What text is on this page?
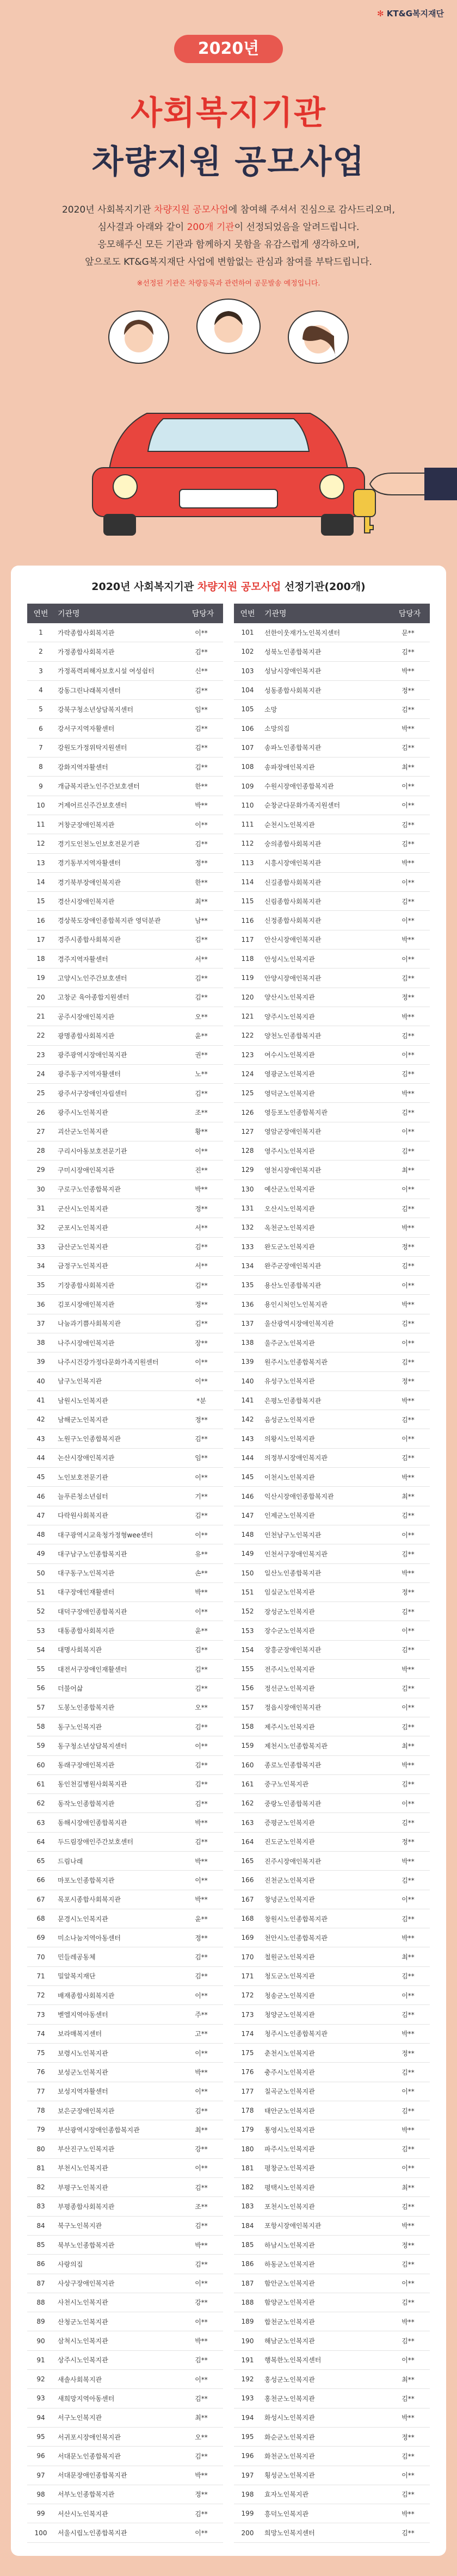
✻ KT&G복지재단
2020년
사회복지기관
차량지원 공모사업
2020년 사회복지기관 차량지원 공모사업에 참여해 주셔서 진심으로 감사드리오며,
심사결과 아래와 같이 200개 기관이 선정되었음을 알려드립니다.
응모해주신 모든 기관과 함께하지 못함을 유감스럽게 생각하오며,
앞으로도 KT&G복지재단 사업에 변함없는 관심과 참여를 부탁드립니다.
※선정된 기관은 차량등록과 관련하여 공문발송 예정입니다.
2020년 사회복지기관 차량지원 공모사업 선정기관(200개)
연번	기관명	담당자
1	가락종합사회복지관	이**
2	가정종합사회복지관	김**
3	가정폭력피해자보호시설 여성쉼터	신**
4	강동그린나래복지센터	김**
5	강북구청소년상담복지센터	임**
6	강서구지역자활센터	김**
7	강원도가정위탁지원센터	김**
8	강화지역자활센터	김**
9	개금복지관노인주간보호센터	한**
10	거제어르신주간보호센터	박**
11	거창군장애인복지관	이**
12	경기도인천노인보호전문기관	김**
13	경기동부지역자활센터	정**
14	경기북부장애인복지관	한**
15	경산시장애인복지관	최**
16	경상북도장애인종합복지관 영덕분관	남**
17	경주시종합사회복지관	김**
18	경주지역자활센터	서**
19	고양시노인주간보호센터	김**
20	고창군 육아종합지원센터	김**
21	공주시장애인복지관	오**
22	광명종합사회복지관	윤**
23	광주광역시장애인복지관	권**
24	광주동구지역자활센터	노**
25	광주서구장애인자립센터	김**
26	광주시노인복지관	조**
27	괴산군노인복지관	황**
28	구리시아동보호전문기관	이**
29	구미시장애인복지관	진**
30	구로구노인종합복지관	박**
31	군산시노인복지관	정**
32	군포시노인복지관	서**
33	금산군노인복지관	김**
34	금정구노인복지관	서**
35	기장종합사회복지관	김**
36	김포시장애인복지관	정**
37	나눔과기쁨사회복지관	김**
38	나주시장애인복지관	장**
39	나주시건강가정다문화가족지원센터	이**
40	남구노인복지관	이**
41	남원시노인복지관	*분
42	남해군노인복지관	정**
43	노원구노인종합복지관	김**
44	논산시장애인복지관	임**
45	노인보호전문기관	이**
46	늘푸른청소년쉼터	기**
47	다락원사회복지관	김**
48	대구광역시교육청가정형wee센터	이**
49	대구남구노인종합복지관	유**
50	대구동구노인복지관	손**
51	대구장애인재활센터	박**
52	대덕구장애인종합복지관	이**
53	대동종합사회복지관	윤**
54	대명사회복지관	김**
55	대전서구장애인재활센터	김**
56	더불어삶	김**
57	도봉노인종합복지관	오**
58	동구노인복지관	김**
59	동구청소년상담복지센터	이**
60	동래구장애인복지관	김**
61	동인천길병원사회복지관	김**
62	동작노인종합복지관	김**
63	동해시장애인종합복지관	박**
64	두드림장애인주간보호센터	김**
65	드림나래	박**
66	마포노인종합복지관	이**
67	목포시종합사회복지관	박**
68	문경시노인복지관	윤**
69	미소나눔지역아동센터	정**
70	민들레공동체	김**
71	밀알복지재단	김**
72	배재종합사회복지관	이**
73	벧엘지역아동센터	주**
74	보라매복지센터	고**
75	보령시노인복지관	이**
76	보성군노인복지관	박**
77	보성지역자활센터	이**
78	보은군장애인복지관	김**
79	부산광역시장애인종합복지관	최**
80	부산진구노인복지관	강**
81	부천시노인복지관	이**
82	부평구노인복지관	김**
83	부평종합사회복지관	조**
84	북구노인복지관	김**
85	북부노인종합복지관	박**
86	사랑의집	김**
87	사상구장애인복지관	이**
88	사천시노인복지관	강**
89	산청군노인복지관	이**
90	삼척시노인복지관	박**
91	상주시노인복지관	김**
92	새솔사회복지관	이**
93	새희망지역아동센터	김**
94	서구노인복지관	최**
95	서귀포시장애인복지관	오**
96	서대문노인종합복지관	김**
97	서대문장애인종합복지관	박**
98	서부노인종합복지관	정**
99	서산시노인복지관	김**
100	서울시립노인종합복지관	이**
연번	기관명	담당자
101	선한이웃재가노인복지센터	문**
102	성북노인종합복지관	김**
103	성남시장애인복지관	박**
104	성동종합사회복지관	정**
105	소망	김**
106	소망의집	박**
107	송파노인종합복지관	김**
108	송파장애인복지관	최**
109	수원시장애인종합복지관	이**
110	순창군다문화가족지원센터	이**
111	순천시노인복지관	김**
112	숭의종합사회복지관	김**
113	시흥시장애인복지관	박**
114	신길종합사회복지관	이**
115	신림종합사회복지관	김**
116	신정종합사회복지관	이**
117	안산시장애인복지관	박**
118	안성시노인복지관	이**
119	안양시장애인복지관	김**
120	양산시노인복지관	정**
121	양주시노인복지관	박**
122	양천노인종합복지관	김**
123	여수시노인복지관	이**
124	영광군노인복지관	김**
125	영덕군노인복지관	박**
126	영등포노인종합복지관	김**
127	영암군장애인복지관	이**
128	영주시노인복지관	김**
129	영천시장애인복지관	최**
130	예산군노인복지관	이**
131	오산시노인복지관	김**
132	옥천군노인복지관	박**
133	완도군노인복지관	정**
134	완주군장애인복지관	김**
135	용산노인종합복지관	이**
136	용인시처인노인복지관	박**
137	울산광역시장애인복지관	김**
138	울주군노인복지관	이**
139	원주시노인종합복지관	김**
140	유성구노인복지관	정**
141	은평노인종합복지관	박**
142	음성군노인복지관	김**
143	의왕시노인복지관	이**
144	의정부시장애인복지관	김**
145	이천시노인복지관	박**
146	익산시장애인종합복지관	최**
147	인제군노인복지관	김**
148	인천남구노인복지관	이**
149	인천서구장애인복지관	김**
150	일산노인종합복지관	박**
151	임실군노인복지관	정**
152	장성군노인복지관	김**
153	장수군노인복지관	이**
154	장흥군장애인복지관	김**
155	전주시노인복지관	박**
156	정선군노인복지관	김**
157	정읍시장애인복지관	이**
158	제주시노인복지관	김**
159	제천시노인종합복지관	최**
160	종로노인종합복지관	박**
161	중구노인복지관	김**
162	중랑노인종합복지관	이**
163	증평군노인복지관	김**
164	진도군노인복지관	정**
165	진주시장애인복지관	박**
166	진천군노인복지관	김**
167	창녕군노인복지관	이**
168	창원시노인종합복지관	김**
169	천안시노인종합복지관	박**
170	철원군노인복지관	최**
171	청도군노인복지관	김**
172	청송군노인복지관	이**
173	청양군노인복지관	김**
174	청주시노인종합복지관	박**
175	춘천시노인복지관	정**
176	충주시노인복지관	김**
177	칠곡군노인복지관	이**
178	태안군노인복지관	김**
179	통영시노인복지관	박**
180	파주시노인복지관	김**
181	평창군노인복지관	이**
182	평택시노인복지관	최**
183	포천시노인복지관	김**
184	포항시장애인복지관	박**
185	하남시노인복지관	정**
186	하동군노인복지관	김**
187	함안군노인복지관	이**
188	함양군노인복지관	김**
189	합천군노인복지관	박**
190	해남군노인복지관	김**
191	행복한노인복지센터	이**
192	홍성군노인복지관	최**
193	홍천군노인복지관	김**
194	화성시노인복지관	박**
195	화순군노인복지관	정**
196	화천군노인복지관	김**
197	횡성군노인복지관	이**
198	효자노인복지관	김**
199	흥덕노인복지관	박**
200	희망노인복지센터	김**
